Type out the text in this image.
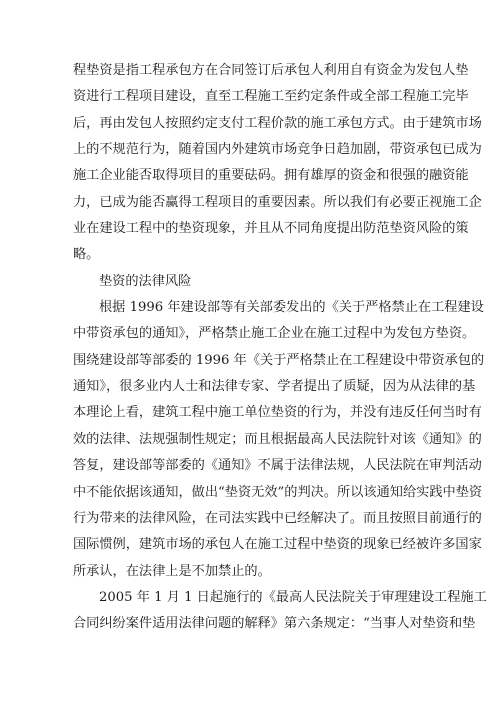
程垫资是指工程承包方在合同签订后承包人利用自有资金为发包人垫
资进行工程项目建设，直至工程施工至约定条件或全部工程施工完毕
后，再由发包人按照约定支付工程价款的施工承包方式。由于建筑市场
上的不规范行为，随着国内外建筑市场竞争日趋加剧，带资承包已成为
施工企业能否取得项目的重要砝码。拥有雄厚的资金和很强的融资能
力，已成为能否赢得工程项目的重要因素。所以我们有必要正视施工企
业在建设工程中的垫资现象，并且从不同角度提出防范垫资风险的策
略。
垫资的法律风险
根据 1996 年建设部等有关部委发出的《关于严格禁止在工程建设
中带资承包的通知》，严格禁止施工企业在施工过程中为发包方垫资。
围绕建设部等部委的 1996 年《关于严格禁止在工程建设中带资承包的
通知》，很多业内人士和法律专家、学者提出了质疑，因为从法律的基
本理论上看，建筑工程中施工单位垫资的行为，并没有违反任何当时有
效的法律、法规强制性规定；而且根据最高人民法院针对该《通知》的
答复，建设部等部委的《通知》不属于法律法规，人民法院在审判活动
中不能依据该通知，做出“垫资无效”的判决。所以该通知给实践中垫资
行为带来的法律风险，在司法实践中已经解决了。而且按照目前通行的
国际惯例，建筑市场的承包人在施工过程中垫资的现象已经被许多国家
所承认，在法律上是不加禁止的。
2005 年 1 月 1 日起施行的《最高人民法院关于审理建设工程施工
合同纠纷案件适用法律问题的解释》第六条规定：“当事人对垫资和垫
